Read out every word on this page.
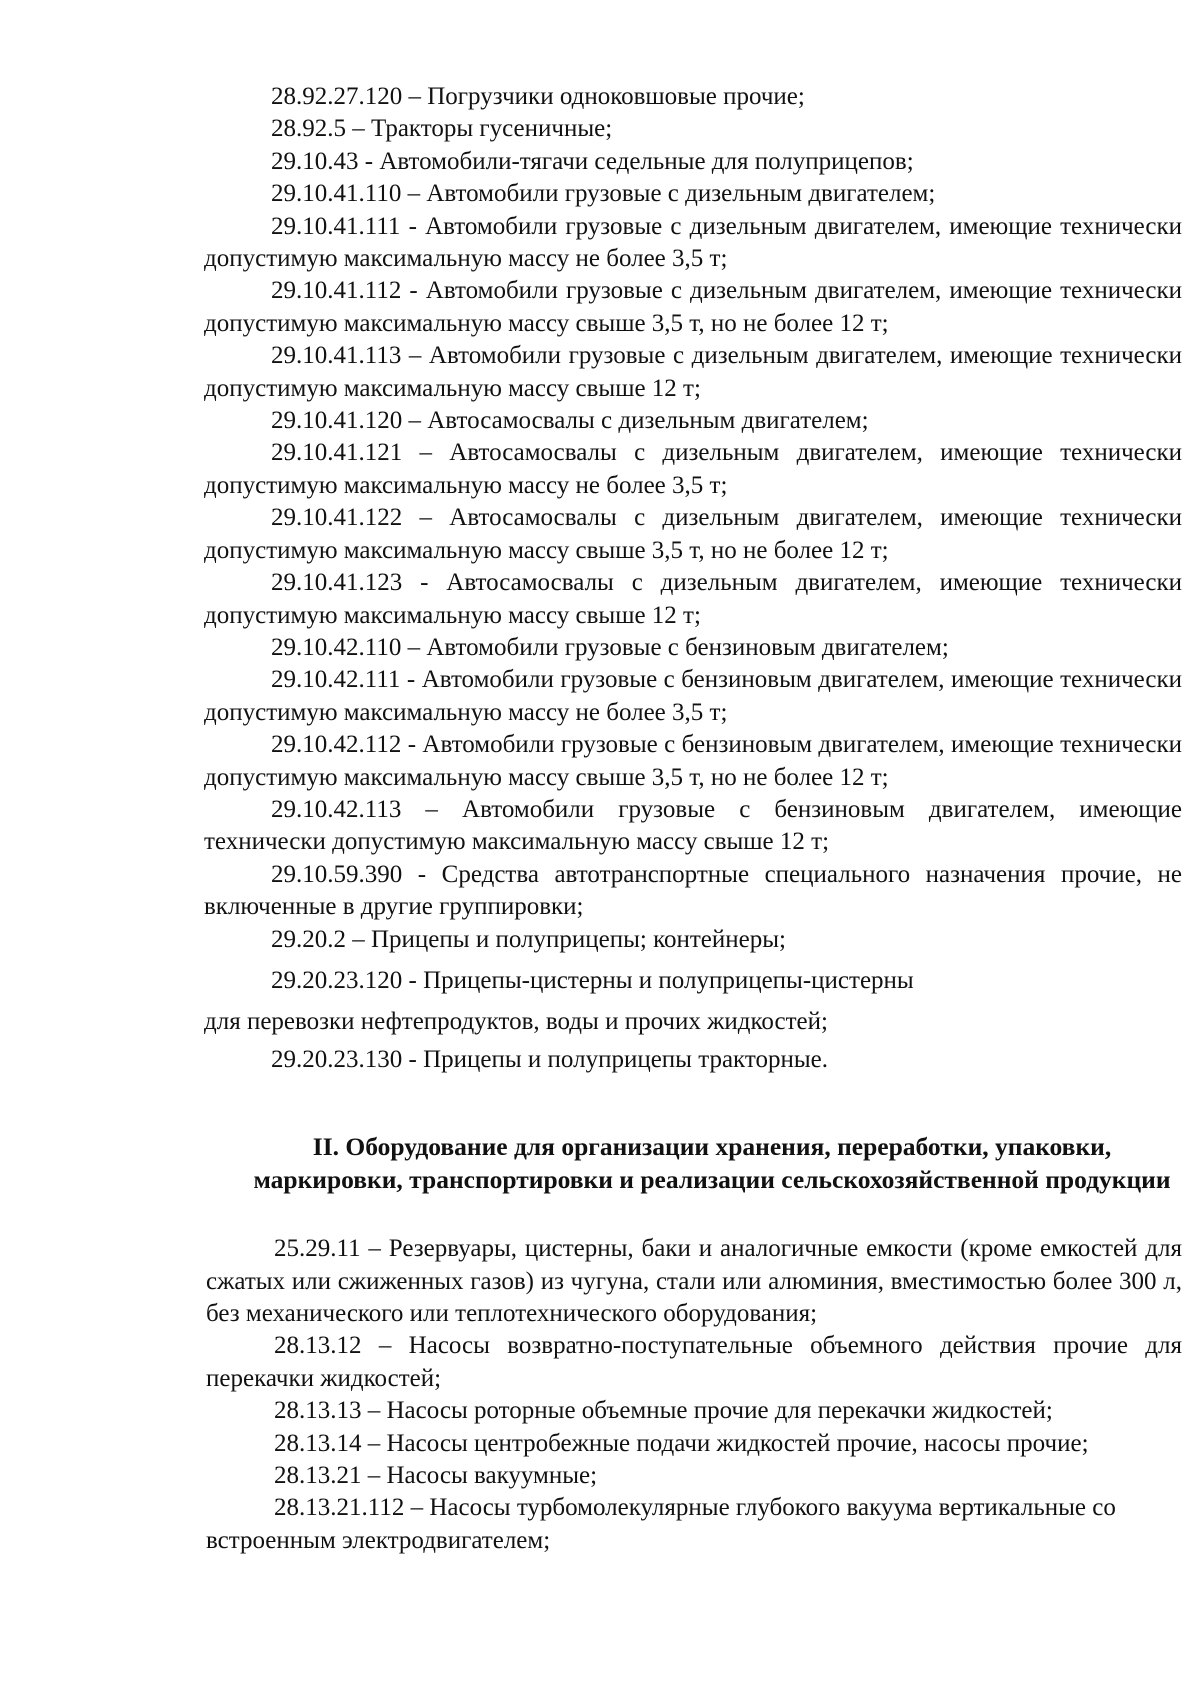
28.92.27.120 – Погрузчики одноковшовые прочие;

28.92.5 – Тракторы гусеничные;

29.10.43 - Автомобили-тягачи седельные для полуприцепов;

29.10.41.110 – Автомобили грузовые с дизельным двигателем;

29.10.41.111 - Автомобили грузовые с дизельным двигателем, имеющие технически допустимую максимальную массу не более 3,5 т;

29.10.41.112 - Автомобили грузовые с дизельным двигателем, имеющие технически допустимую максимальную массу свыше 3,5 т, но не более 12 т;

29.10.41.113 – Автомобили грузовые с дизельным двигателем, имеющие технически допустимую максимальную массу свыше 12 т;

29.10.41.120 – Автосамосвалы с дизельным двигателем;

29.10.41.121 – Автосамосвалы с дизельным двигателем, имеющие технически допустимую максимальную массу не более 3,5 т;

29.10.41.122 – Автосамосвалы с дизельным двигателем, имеющие технически допустимую максимальную массу свыше 3,5 т, но не более 12 т;

29.10.41.123 - Автосамосвалы с дизельным двигателем, имеющие технически допустимую максимальную массу свыше 12 т;

29.10.42.110 – Автомобили грузовые с бензиновым двигателем;

29.10.42.111 - Автомобили грузовые с бензиновым двигателем, имеющие технически допустимую максимальную массу не более 3,5 т;

29.10.42.112 - Автомобили грузовые с бензиновым двигателем, имеющие технически допустимую максимальную массу свыше 3,5 т, но не более 12 т;

29.10.42.113 – Автомобили грузовые с бензиновым двигателем, имеющие технически допустимую максимальную массу свыше 12 т;

29.10.59.390 - Средства автотранспортные специального назначения прочие, не включенные в другие группировки;

29.20.2 – Прицепы и полуприцепы; контейнеры;

29.20.23.120 - Прицепы-цистерны и полуприцепы-цистерны

для перевозки нефтепродуктов, воды и прочих жидкостей;

29.20.23.130 - Прицепы и полуприцепы тракторные.

II. Оборудование для организации хранения, переработки, упаковки, маркировки, транспортировки и реализации сельскохозяйственной продукции

25.29.11 – Резервуары, цистерны, баки и аналогичные емкости (кроме емкостей для сжатых или сжиженных газов) из чугуна, стали или алюминия, вместимостью более 300 л, без механического или теплотехнического оборудования;

28.13.12 – Насосы возвратно-поступательные объемного действия прочие для перекачки жидкостей;

28.13.13 – Насосы роторные объемные прочие для перекачки жидкостей;

28.13.14 – Насосы центробежные подачи жидкостей прочие, насосы прочие;

28.13.21 – Насосы вакуумные;

28.13.21.112 – Насосы турбомолекулярные глубокого вакуума вертикальные со встроенным электродвигателем;
